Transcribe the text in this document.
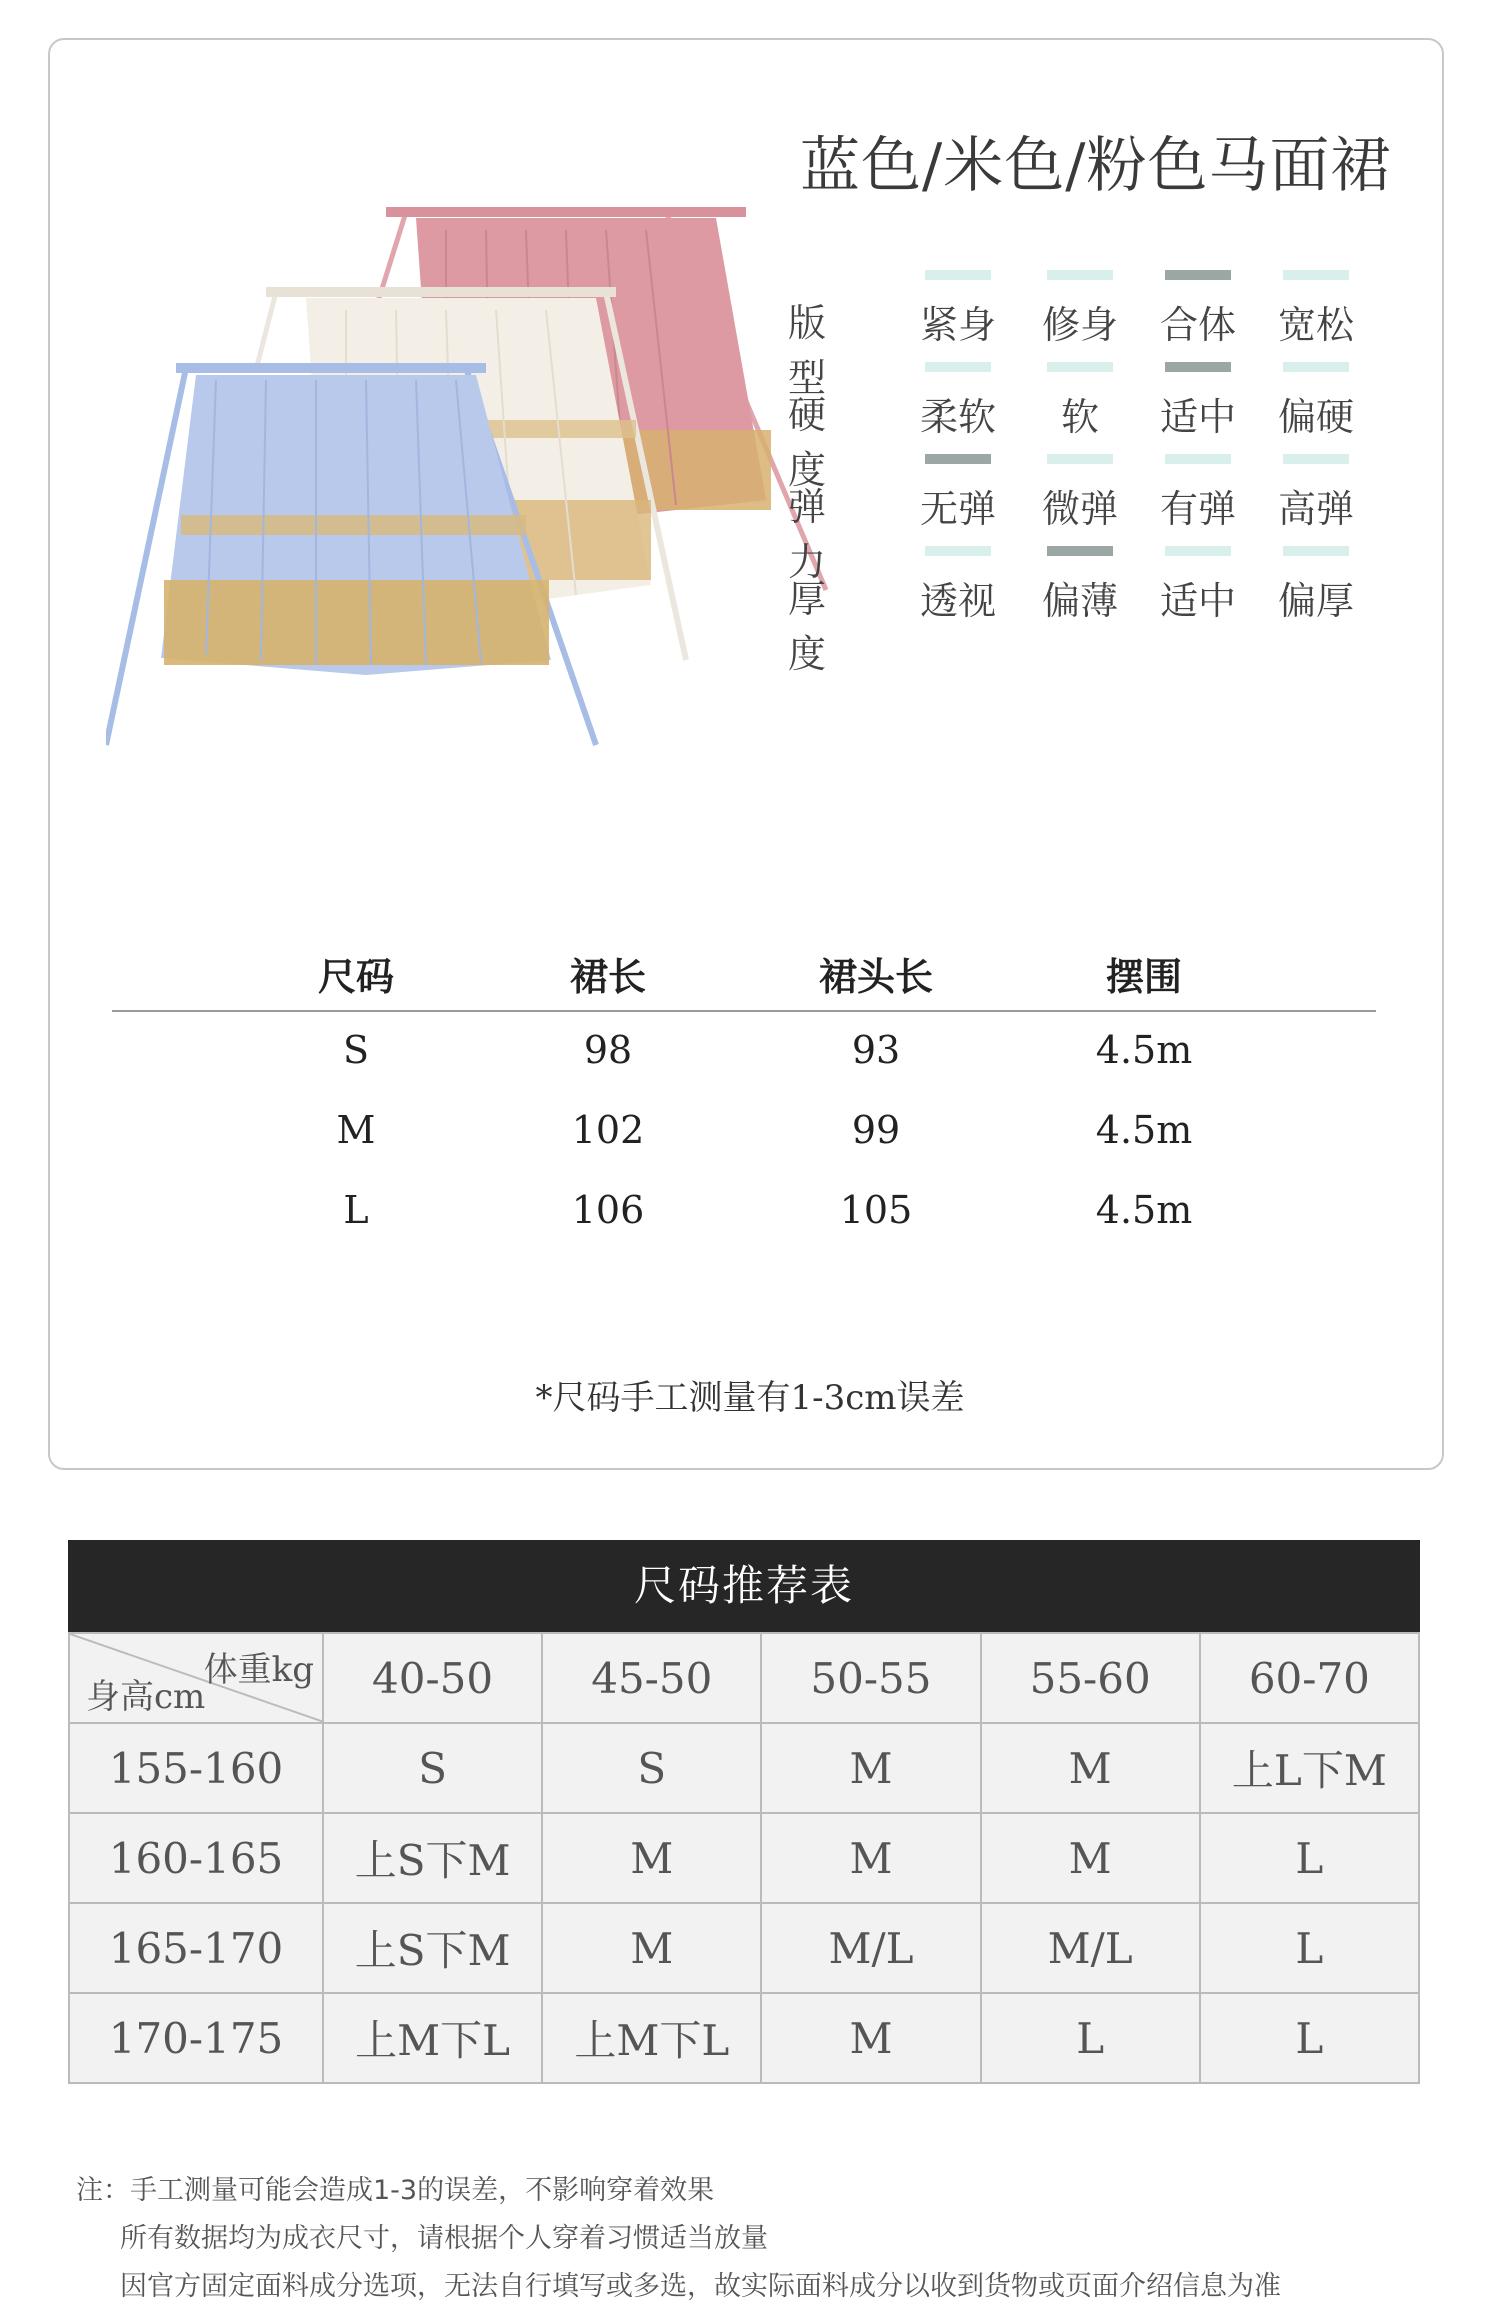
蓝色/米色/粉色马面裙
版型
紧身 修身 合体 宽松
硬度
柔软	软	适中 偏硬
弹力
无弹 微弹 有弹 高弹
厚度
透视 偏薄 适中 偏厚
尺码	裙长	裙头长	摆围
S	98	93	4.5m
M	102	99	4.5m
L	106	105	4.5m
*尺码手工测量有1-3cm误差
尺码推荐表
体重kg
身高cm	40-50	45-50	50-55	55-60	60-70
155-160	S	S	M	M	上L下M
160-165	上S下M	M	M	M	L
165-170	上S下M	M	M/L	M/L	L
170-175	上M下L	上M下L	M	L	L
注：手工测量可能会造成1-3的误差，不影响穿着效果
所有数据均为成衣尺寸，请根据个人穿着习惯适当放量
因官方固定面料成分选项，无法自行填写或多选，故实际面料成分以收到货物或页面介绍信息为准
